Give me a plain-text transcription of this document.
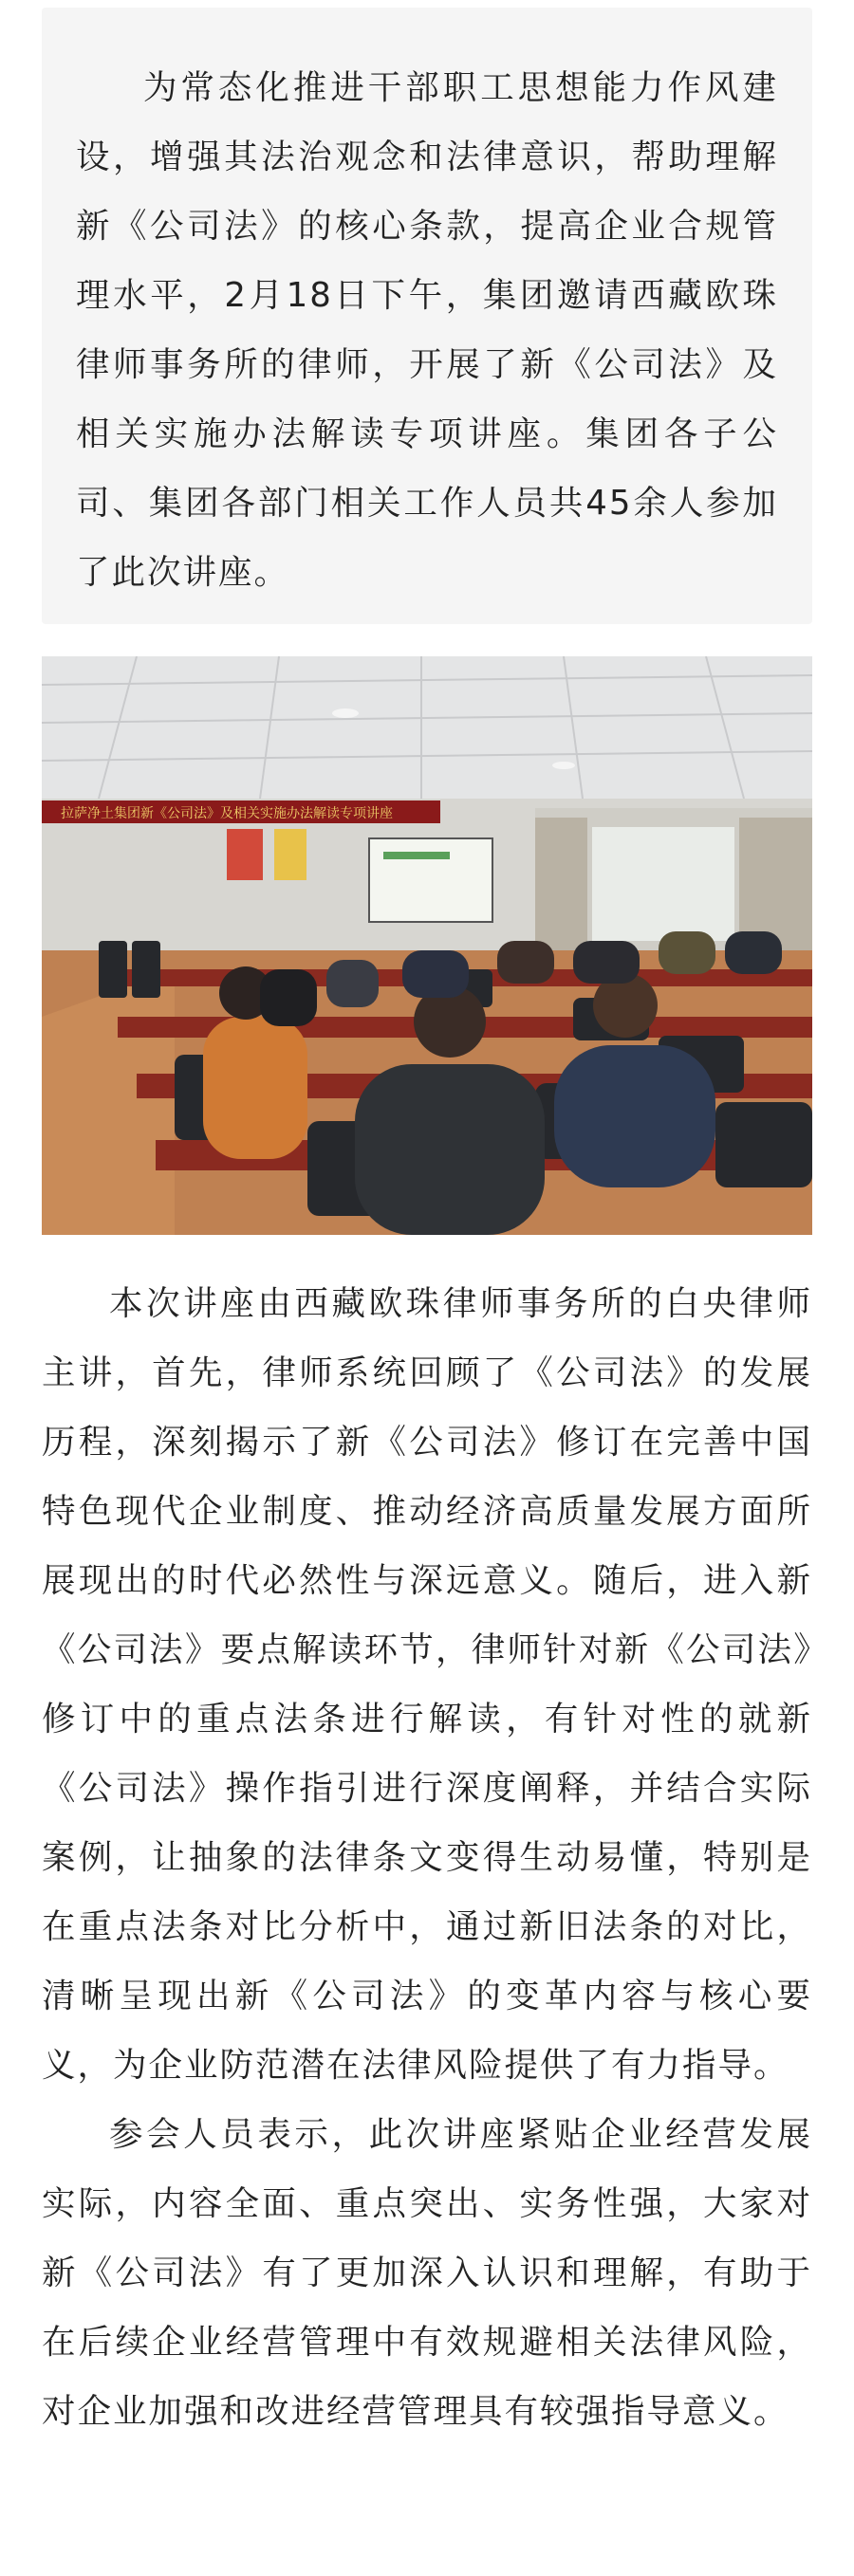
为常态化推进干部职工思想能力作风建设，增强其法治观念和法律意识，帮助理解新《公司法》的核心条款，提高企业合规管理水平，2月18日下午，集团邀请西藏欧珠律师事务所的律师，开展了新《公司法》及相关实施办法解读专项讲座。集团各子公司、集团各部门相关工作人员共45余人参加了此次讲座。

拉萨净土集团新《公司法》及相关实施办法解读专项讲座

本次讲座由西藏欧珠律师事务所的白央律师主讲，首先，律师系统回顾了《公司法》的发展历程，深刻揭示了新《公司法》修订在完善中国特色现代企业制度、推动经济高质量发展方面所展现出的时代必然性与深远意义。随后，进入新《公司法》要点解读环节，律师针对新《公司法》修订中的重点法条进行解读，有针对性的就新《公司法》操作指引进行深度阐释，并结合实际案例，让抽象的法律条文变得生动易懂，特别是在重点法条对比分析中，通过新旧法条的对比，清晰呈现出新《公司法》的变革内容与核心要义，为企业防范潜在法律风险提供了有力指导。

参会人员表示，此次讲座紧贴企业经营发展实际，内容全面、重点突出、实务性强，大家对新《公司法》有了更加深入认识和理解，有助于在后续企业经营管理中有效规避相关法律风险，对企业加强和改进经营管理具有较强指导意义。
